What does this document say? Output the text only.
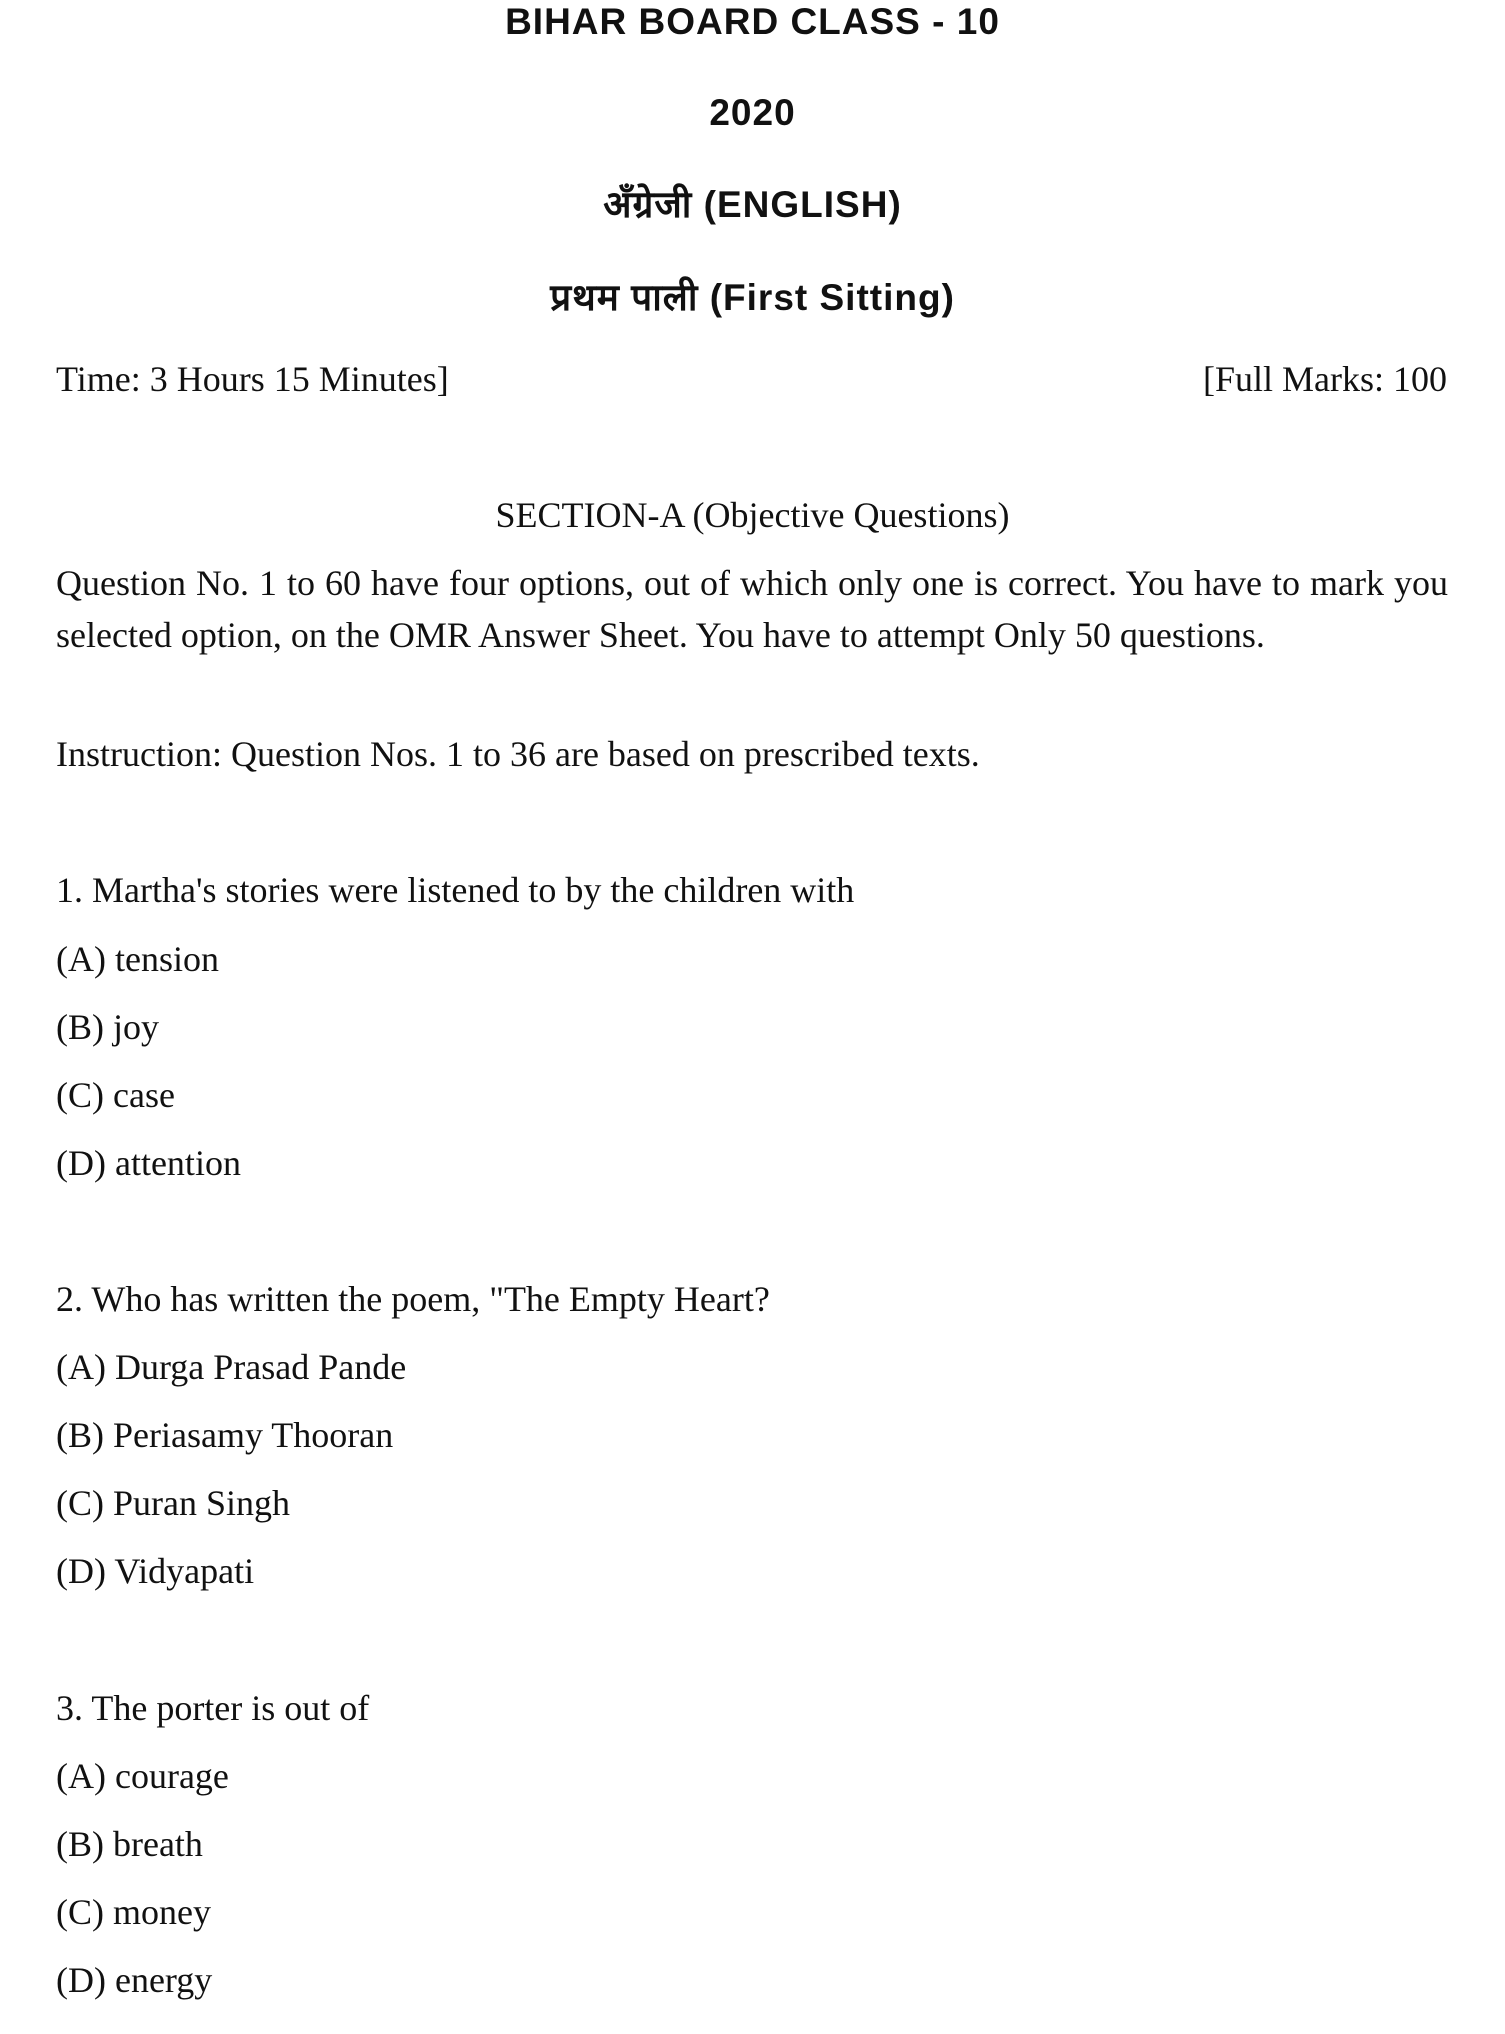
BIHAR BOARD CLASS - 10
2020
अँग्रेजी (ENGLISH)
प्रथम पाली (First Sitting)
Time: 3 Hours 15 Minutes]	[Full Marks: 100
SECTION-A (Objective Questions)
Question No. 1 to 60 have four options, out of which only one is correct. You have to mark you selected option, on the OMR Answer Sheet. You have to attempt Only 50 questions.
Instruction: Question Nos. 1 to 36 are based on prescribed texts.
1. Martha's stories were listened to by the children with
(A) tension
(B) joy
(C) case
(D) attention
2. Who has written the poem, "The Empty Heart?
(A) Durga Prasad Pande
(B) Periasamy Thooran
(C) Puran Singh
(D) Vidyapati
3. The porter is out of
(A) courage
(B) breath
(C) money
(D) energy
